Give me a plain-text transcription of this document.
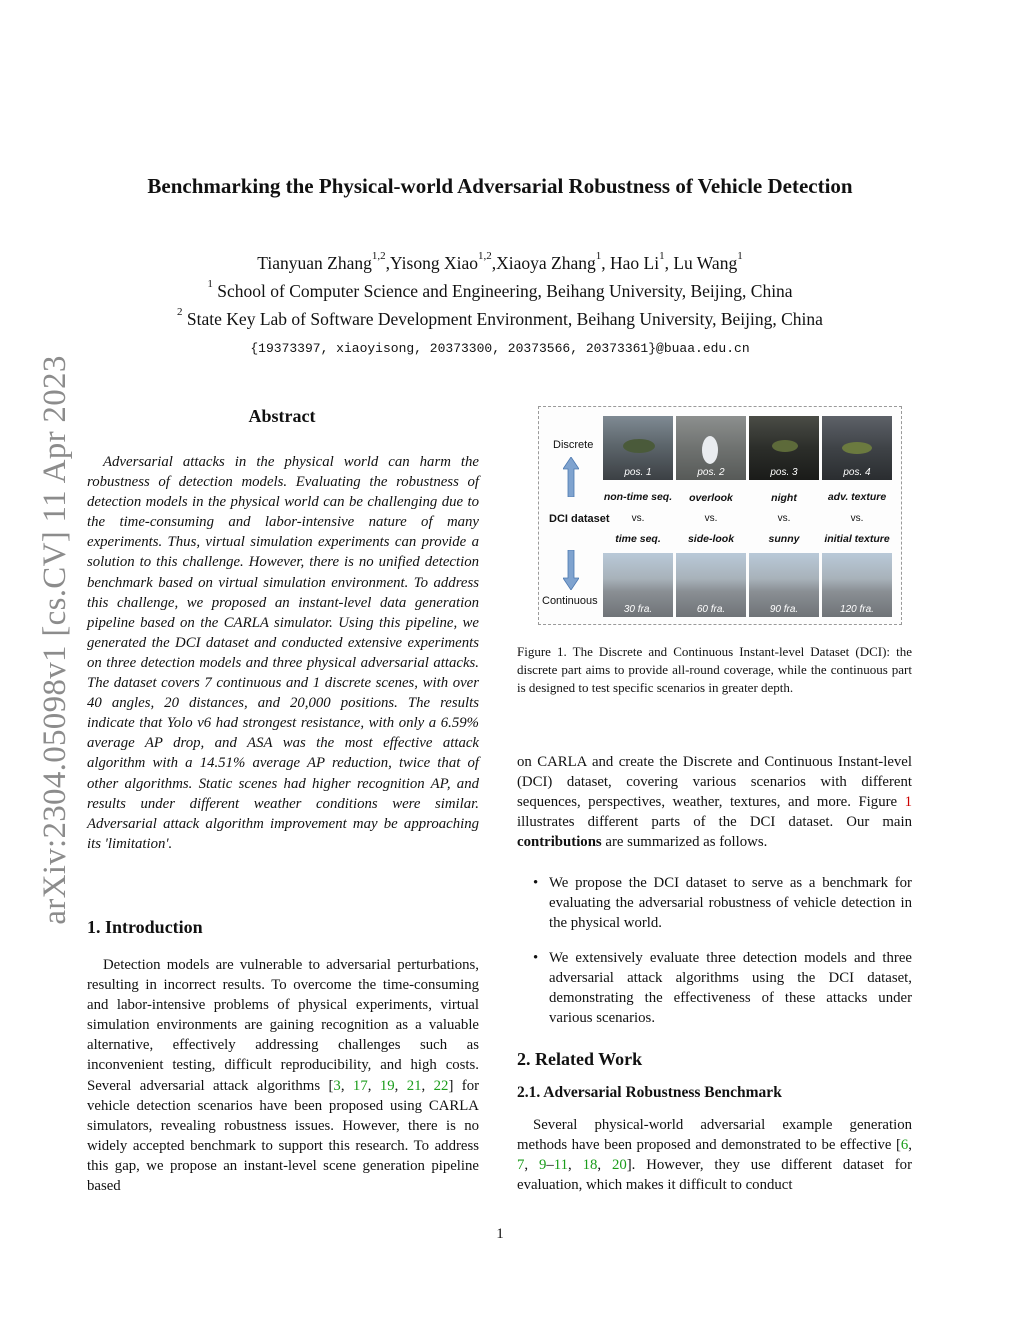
arXiv:2304.05098v1 [cs.CV] 11 Apr 2023
Benchmarking the Physical-world Adversarial Robustness of Vehicle Detection
Tianyuan Zhang$^{1,2}$,Yisong Xiao$^{1,2}$,Xiaoya Zhang$^1$, Hao Li$^1$, Lu Wang$^1$
$^1$ School of Computer Science and Engineering, Beihang University, Beijing, China
$^2$ State Key Lab of Software Development Environment, Beihang University, Beijing, China
{19373397, xiaoyisong, 20373300, 20373566, 20373361}@buaa.edu.cn
Abstract
Adversarial attacks in the physical world can harm the robustness of detection models. Evaluating the robustness of detection models in the physical world can be challenging due to the time-consuming and labor-intensive nature of many experiments. Thus, virtual simulation experiments can provide a solution to this challenge. However, there is no unified detection benchmark based on virtual simulation environment. To address this challenge, we proposed an instant-level data generation pipeline based on the CARLA simulator. Using this pipeline, we generated the DCI dataset and conducted extensive experiments on three detection models and three physical adversarial attacks. The dataset covers 7 continuous and 1 discrete scenes, with over 40 angles, 20 distances, and 20,000 positions. The results indicate that Yolo v6 had strongest resistance, with only a 6.59% average AP drop, and ASA was the most effective attack algorithm with a 14.51% average AP reduction, twice that of other algorithms. Static scenes had higher recognition AP, and results under different weather conditions were similar. Adversarial attack algorithm improvement may be approaching its 'limitation'.
1. Introduction
Detection models are vulnerable to adversarial perturbations, resulting in incorrect results. To overcome the time-consuming and labor-intensive problems of physical experiments, virtual simulation environments are gaining recognition as a valuable alternative, effectively addressing challenges such as inconvenient testing, difficult reproducibility, and high costs. Several adversarial attack algorithms [3, 17, 19, 21, 22] for vehicle detection scenarios have been proposed using CARLA simulators, revealing robustness issues. However, there is no widely accepted benchmark to support this research. To address this gap, we propose an instant-level scene generation pipeline based
Discrete
DCI dataset
Continuous
pos. 1	pos. 2	pos. 3	pos. 4
non-time seq.	overlook	night	adv. texture
vs.	vs.	vs.	vs.
time seq.	side-look	sunny	initial texture
30 fra.	60 fra.	90 fra.	120 fra.
Figure 1. The Discrete and Continuous Instant-level Dataset (DCI): the discrete part aims to provide all-round coverage, while the continuous part is designed to test specific scenarios in greater depth.
on CARLA and create the Discrete and Continuous Instant-level (DCI) dataset, covering various scenarios with different sequences, perspectives, weather, textures, and more. Figure 1 illustrates different parts of the DCI dataset. Our main contributions are summarized as follows.
• We propose the DCI dataset to serve as a benchmark for evaluating the adversarial robustness of vehicle detection in the physical world.
• We extensively evaluate three detection models and three adversarial attack algorithms using the DCI dataset, demonstrating the effectiveness of these attacks under various scenarios.
2. Related Work
2.1. Adversarial Robustness Benchmark
Several physical-world adversarial example generation methods have been proposed and demonstrated to be effective [6, 7, 9–11, 18, 20]. However, they use different dataset for evaluation, which makes it difficult to conduct
1
